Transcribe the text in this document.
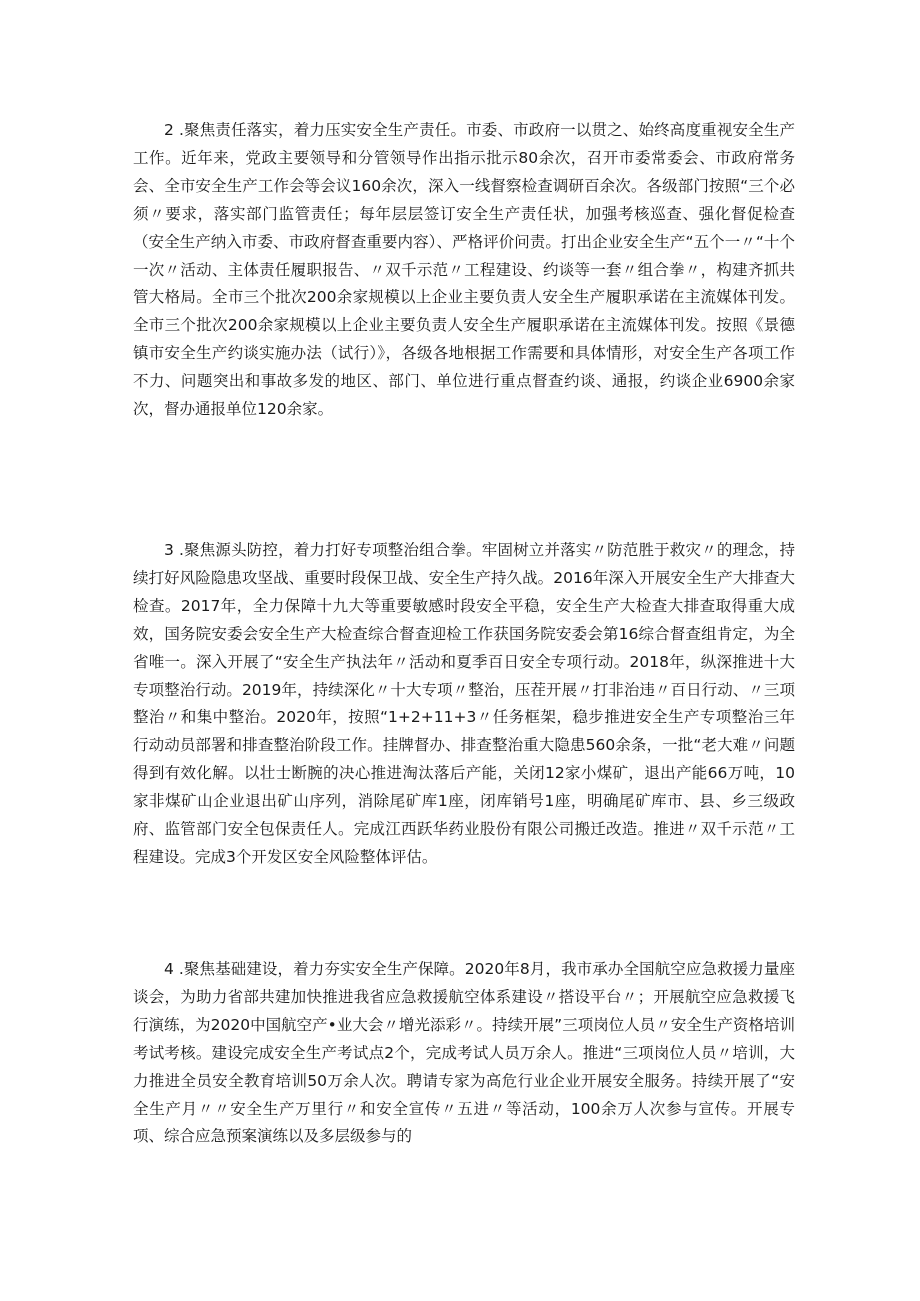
2 .聚焦责任落实，着力压实安全生产责任。市委、市政府一以贯之、始终高度重视安全生产工作。近年来，党政主要领导和分管领导作出指示批示80余次，召开市委常委会、市政府常务会、全市安全生产工作会等会议160余次，深入一线督察检查调研百余次。各级部门按照“三个必须〃要求，落实部门监管责任；每年层层签订安全生产责任状，加强考核巡查、强化督促检查（安全生产纳入市委、市政府督查重要内容）、严格评价问责。打出企业安全生产“五个一〃“十个一次〃活动、主体责任履职报告、〃双千示范〃工程建设、约谈等一套〃组合拳〃，构建齐抓共管大格局。全市三个批次200余家规模以上企业主要负责人安全生产履职承诺在主流媒体刊发。全市三个批次200余家规模以上企业主要负责人安全生产履职承诺在主流媒体刊发。按照《景德镇市安全生产约谈实施办法（试行）》，各级各地根据工作需要和具体情形，对安全生产各项工作不力、问题突出和事故多发的地区、部门、单位进行重点督查约谈、通报，约谈企业6900余家次，督办通报单位120余家。

3 .聚焦源头防控，着力打好专项整治组合拳。牢固树立并落实〃防范胜于救灾〃的理念，持续打好风险隐患攻坚战、重要时段保卫战、安全生产持久战。2016年深入开展安全生产大排查大检查。2017年，全力保障十九大等重要敏感时段安全平稳，安全生产大检查大排查取得重大成效，国务院安委会安全生产大检查综合督查迎检工作获国务院安委会第16综合督查组肯定，为全省唯一。深入开展了“安全生产执法年〃活动和夏季百日安全专项行动。2018年，纵深推进十大专项整治行动。2019年，持续深化〃十大专项〃整治，压茬开展〃打非治违〃百日行动、〃三项整治〃和集中整治。2020年，按照“1+2+11+3〃任务框架，稳步推进安全生产专项整治三年行动动员部署和排查整治阶段工作。挂牌督办、排查整治重大隐患560余条，一批“老大难〃问题得到有效化解。以壮士断腕的决心推进淘汰落后产能，关闭12家小煤矿，退出产能66万吨，10家非煤矿山企业退出矿山序列，消除尾矿库1座，闭库销号1座，明确尾矿库市、县、乡三级政府、监管部门安全包保责任人。完成江西跃华药业股份有限公司搬迁改造。推进〃双千示范〃工程建设。完成3个开发区安全风险整体评估。

4 .聚焦基础建设，着力夯实安全生产保障。2020年8月，我市承办全国航空应急救援力量座谈会，为助力省部共建加快推进我省应急救援航空体系建设〃搭设平台〃；开展航空应急救援飞行演练，为2020中国航空产•业大会〃增光添彩〃。持续开展”三项岗位人员〃安全生产资格培训考试考核。建设完成安全生产考试点2个，完成考试人员万余人。推进“三项岗位人员〃培训，大力推进全员安全教育培训50万余人次。聘请专家为高危行业企业开展安全服务。持续开展了“安全生产月〃〃安全生产万里行〃和安全宣传〃五进〃等活动，100余万人次参与宣传。开展专项、综合应急预案演练以及多层级参与的
